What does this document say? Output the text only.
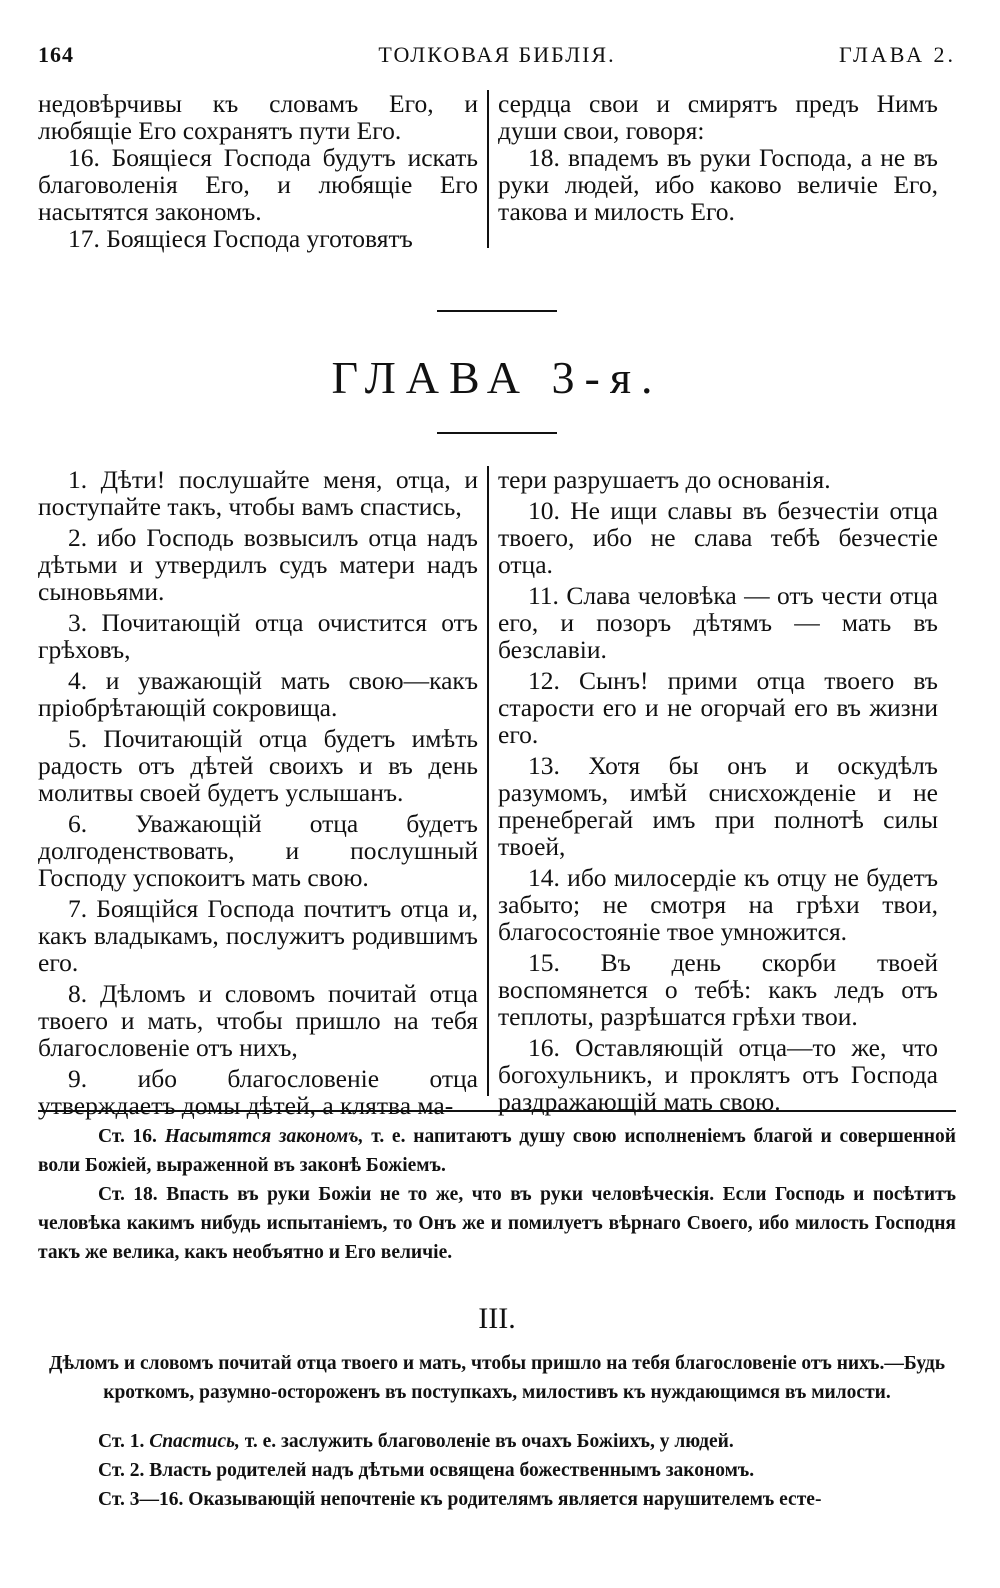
164	ТОЛКОВАЯ БИБЛІЯ.	ГЛАВА 2.

недовѣрчивы къ словамъ Его, и любящіе Его сохранятъ пути Его.

16. Боящіеся Господа будутъ искать благоволенія Его, и любящіе Его насытятся закономъ.

17. Боящіеся Господа уготовятъ

сердца свои и смирятъ предъ Нимъ души свои, говоря:

18. впадемъ въ руки Господа, а не въ руки людей, ибо каково величіе Его, такова и милость Его.

ГЛАВА 3-я.

1. Дѣти! послушайте меня, отца, и поступайте такъ, чтобы вамъ спастись,

2. ибо Господь возвысилъ отца надъ дѣтьми и утвердилъ судъ матери надъ сыновьями.

3. Почитающій отца очистится отъ грѣховъ,

4. и уважающій мать свою—какъ пріобрѣтающій сокровища.

5. Почитающій отца будетъ имѣть радость отъ дѣтей своихъ и въ день молитвы своей будетъ услышанъ.

6. Уважающій отца будетъ долгоденствовать, и послушный Господу успокоитъ мать свою.

7. Боящійся Господа почтитъ отца и, какъ владыкамъ, послужитъ родившимъ его.

8. Дѣломъ и словомъ почитай отца твоего и мать, чтобы пришло на тебя благословеніе отъ нихъ,

9. ибо благословеніе отца утверждаетъ домы дѣтей, а клятва ма-

тери разрушаетъ до основанія.

10. Не ищи славы въ безчестіи отца твоего, ибо не слава тебѣ безчестіе отца.

11. Слава человѣка — отъ чести отца его, и позоръ дѣтямъ — мать въ безславіи.

12. Сынъ! прими отца твоего въ старости его и не огорчай его въ жизни его.

13. Хотя бы онъ и оскудѣлъ разумомъ, имѣй снисхожденіе и не пренебрегай имъ при полнотѣ силы твоей,

14. ибо милосердіе къ отцу не будетъ забыто; не смотря на грѣхи твои, благосостояніе твое умножится.

15. Въ день скорби твоей воспомянется о тебѣ: какъ ледъ отъ теплоты, разрѣшатся грѣхи твои.

16. Оставляющій отца—то же, что богохульникъ, и проклятъ отъ Господа раздражающій мать свою.

Ст. 16. Насытятся закономъ, т. е. напитаютъ душу свою исполненіемъ благой и совершенной воли Божіей, выраженной въ законѣ Божіемъ.

Ст. 18. Впасть въ руки Божіи не то же, что въ руки человѣческія. Если Господь и посѣтитъ человѣка какимъ нибудь испытаніемъ, то Онъ же и помилуетъ вѣрнаго Своего, ибо милость Господня такъ же велика, какъ необъятно и Его величіе.

III.

Дѣломъ и словомъ почитай отца твоего и мать, чтобы пришло на тебя благословеніе отъ нихъ.—Будь кроткомъ, разумно-остороженъ въ поступкахъ, милостивъ къ нуждающимся въ милости.

Ст. 1. Спастись, т. е. заслужить благоволеніе въ очахъ Божіихъ, у людей.

Ст. 2. Власть родителей надъ дѣтьми освящена божественнымъ закономъ.

Ст. 3—16. Оказывающій непочтеніе къ родителямъ является нарушителемъ есте-
